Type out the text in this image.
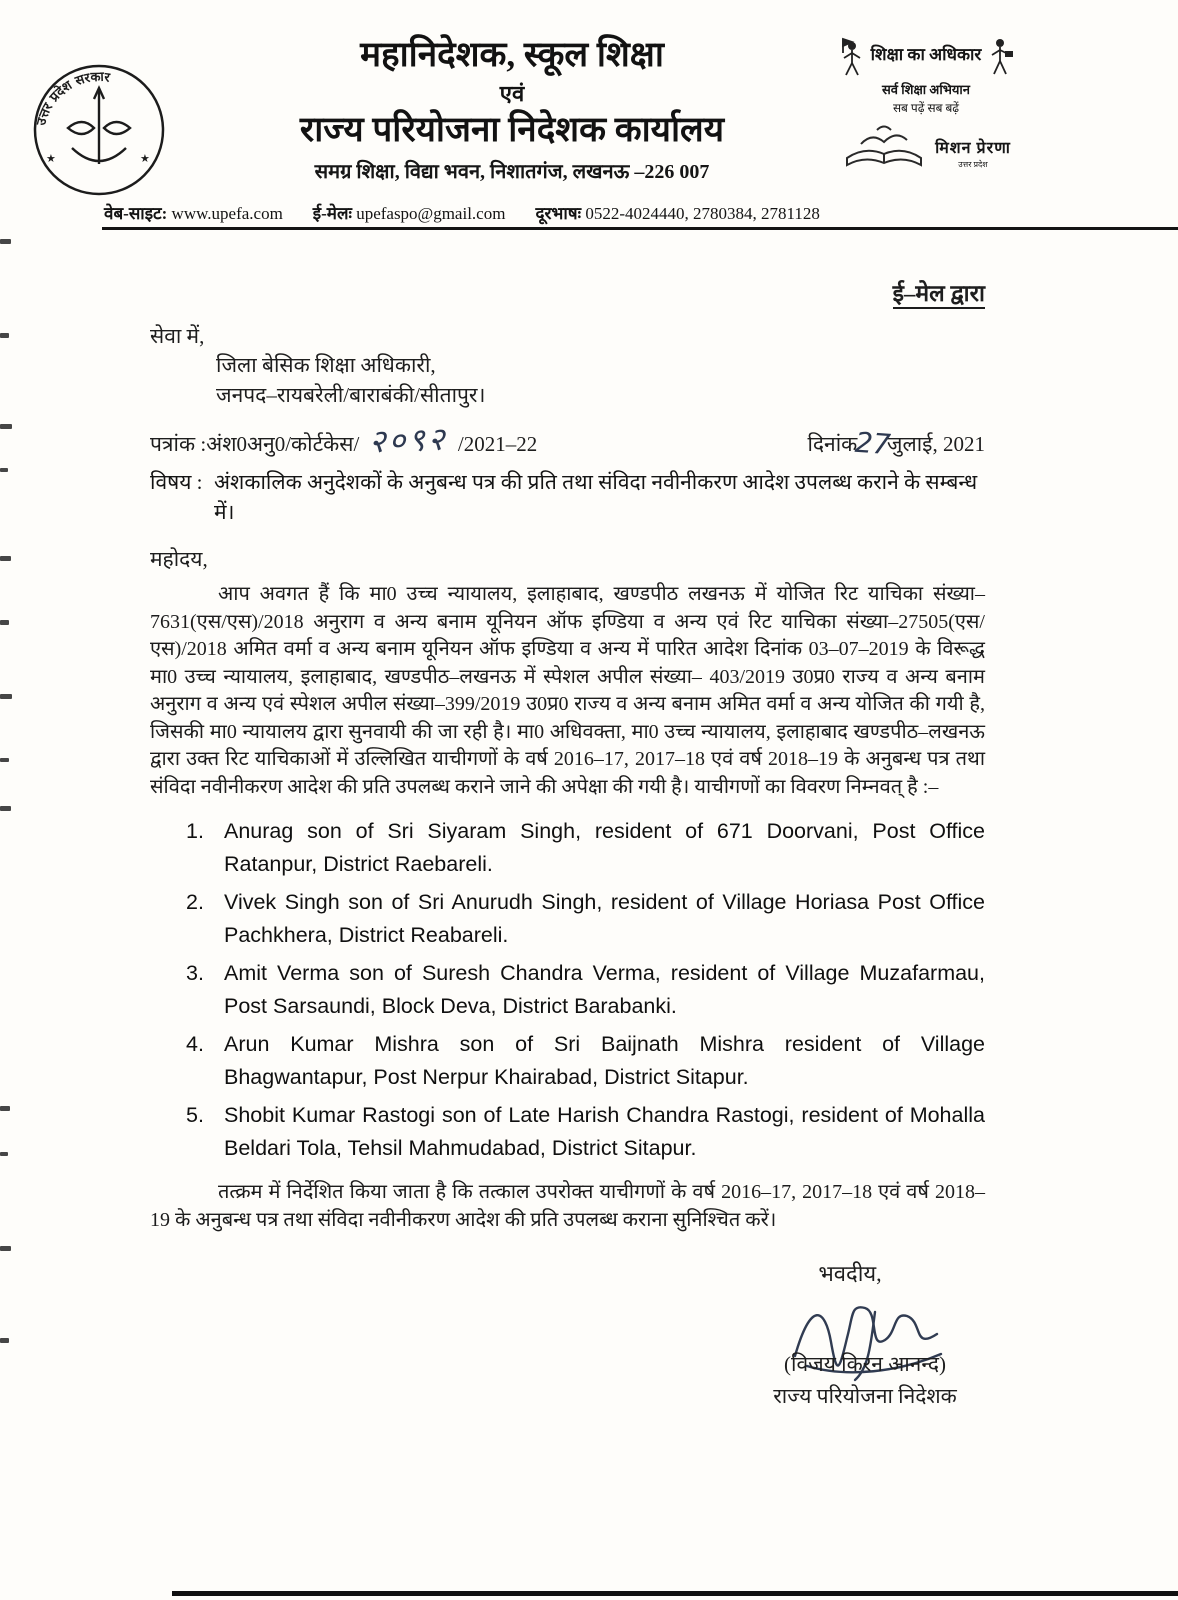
उत्तर प्रदेश सरकार
★	★
महानिदेशक, स्कूल शिक्षा
एवं
राज्य परियोजना निदेशक कार्यालय
समग्र शिक्षा, विद्या भवन, निशातगंज, लखनऊ –226 007
शिक्षा का अधिकार
सर्व शिक्षा अभियान
सब पढ़ें सब बढ़ें
मिशन प्रेरणा
उत्तर प्रदेश
वेब-साइट: www.upefa.com ई-मेलः upefaspo@gmail.com दूरभाषः 0522-4024440, 2780384, 2781128
ई–मेल द्वारा
सेवा में,
जिला बेसिक शिक्षा अधिकारी,
जनपद–रायबरेली/बाराबंकी/सीतापुर।
पत्रांक :अंश0अनु0/कोर्टकेस/ २०९२ /2021–22	दिनांक27जुलाई, 2021
विषय : अंशकालिक अनुदेशकों के अनुबन्ध पत्र की प्रति तथा संविदा नवीनीकरण आदेश उपलब्ध कराने के सम्बन्ध में।
महोदय,

आप अवगत हैं कि मा0 उच्च न्यायालय, इलाहाबाद, खण्डपीठ लखनऊ में योजित रिट याचिका संख्या– 7631(एस/एस)/2018 अनुराग व अन्य बनाम यूनियन ऑफ इण्डिया व अन्य एवं रिट याचिका संख्या–27505(एस/एस)/2018 अमित वर्मा व अन्य बनाम यूनियन ऑफ इण्डिया व अन्य में पारित आदेश दिनांक 03–07–2019 के विरूद्ध मा0 उच्च न्यायालय, इलाहाबाद, खण्डपीठ–लखनऊ में स्पेशल अपील संख्या– 403/2019 उ0प्र0 राज्य व अन्य बनाम अनुराग व अन्य एवं स्पेशल अपील संख्या–399/2019 उ0प्र0 राज्य व अन्य बनाम अमित वर्मा व अन्य योजित की गयी है, जिसकी मा0 न्यायालय द्वारा सुनवायी की जा रही है। मा0 अधिवक्ता, मा0 उच्च न्यायालय, इलाहाबाद खण्डपीठ–लखनऊ द्वारा उक्त रिट याचिकाओं में उल्लिखित याचीगणों के वर्ष 2016–17, 2017–18 एवं वर्ष 2018–19 के अनुबन्ध पत्र तथा संविदा नवीनीकरण आदेश की प्रति उपलब्ध कराने जाने की अपेक्षा की गयी है। याचीगणों का विवरण निम्नवत् है :–

1. Anurag son of Sri Siyaram Singh, resident of 671 Doorvani, Post Office Ratanpur, District Raebareli.
2. Vivek Singh son of Sri Anurudh Singh, resident of Village Horiasa Post Office Pachkhera, District Reabareli.
3. Amit Verma son of Suresh Chandra Verma, resident of Village Muzafarmau, Post Sarsaundi, Block Deva, District Barabanki.
4. Arun Kumar Mishra son of Sri Baijnath Mishra resident of Village Bhagwantapur, Post Nerpur Khairabad, District Sitapur.
5. Shobit Kumar Rastogi son of Late Harish Chandra Rastogi, resident of Mohalla Beldari Tola, Tehsil Mahmudabad, District Sitapur.

तत्क्रम में निर्देशित किया जाता है कि तत्काल उपरोक्त याचीगणों के वर्ष 2016–17, 2017–18 एवं वर्ष 2018–19 के अनुबन्ध पत्र तथा संविदा नवीनीकरण आदेश की प्रति उपलब्ध कराना सुनिश्चित करें।

भवदीय,
(विजय किरन आनन्द)
राज्य परियोजना निदेशक
